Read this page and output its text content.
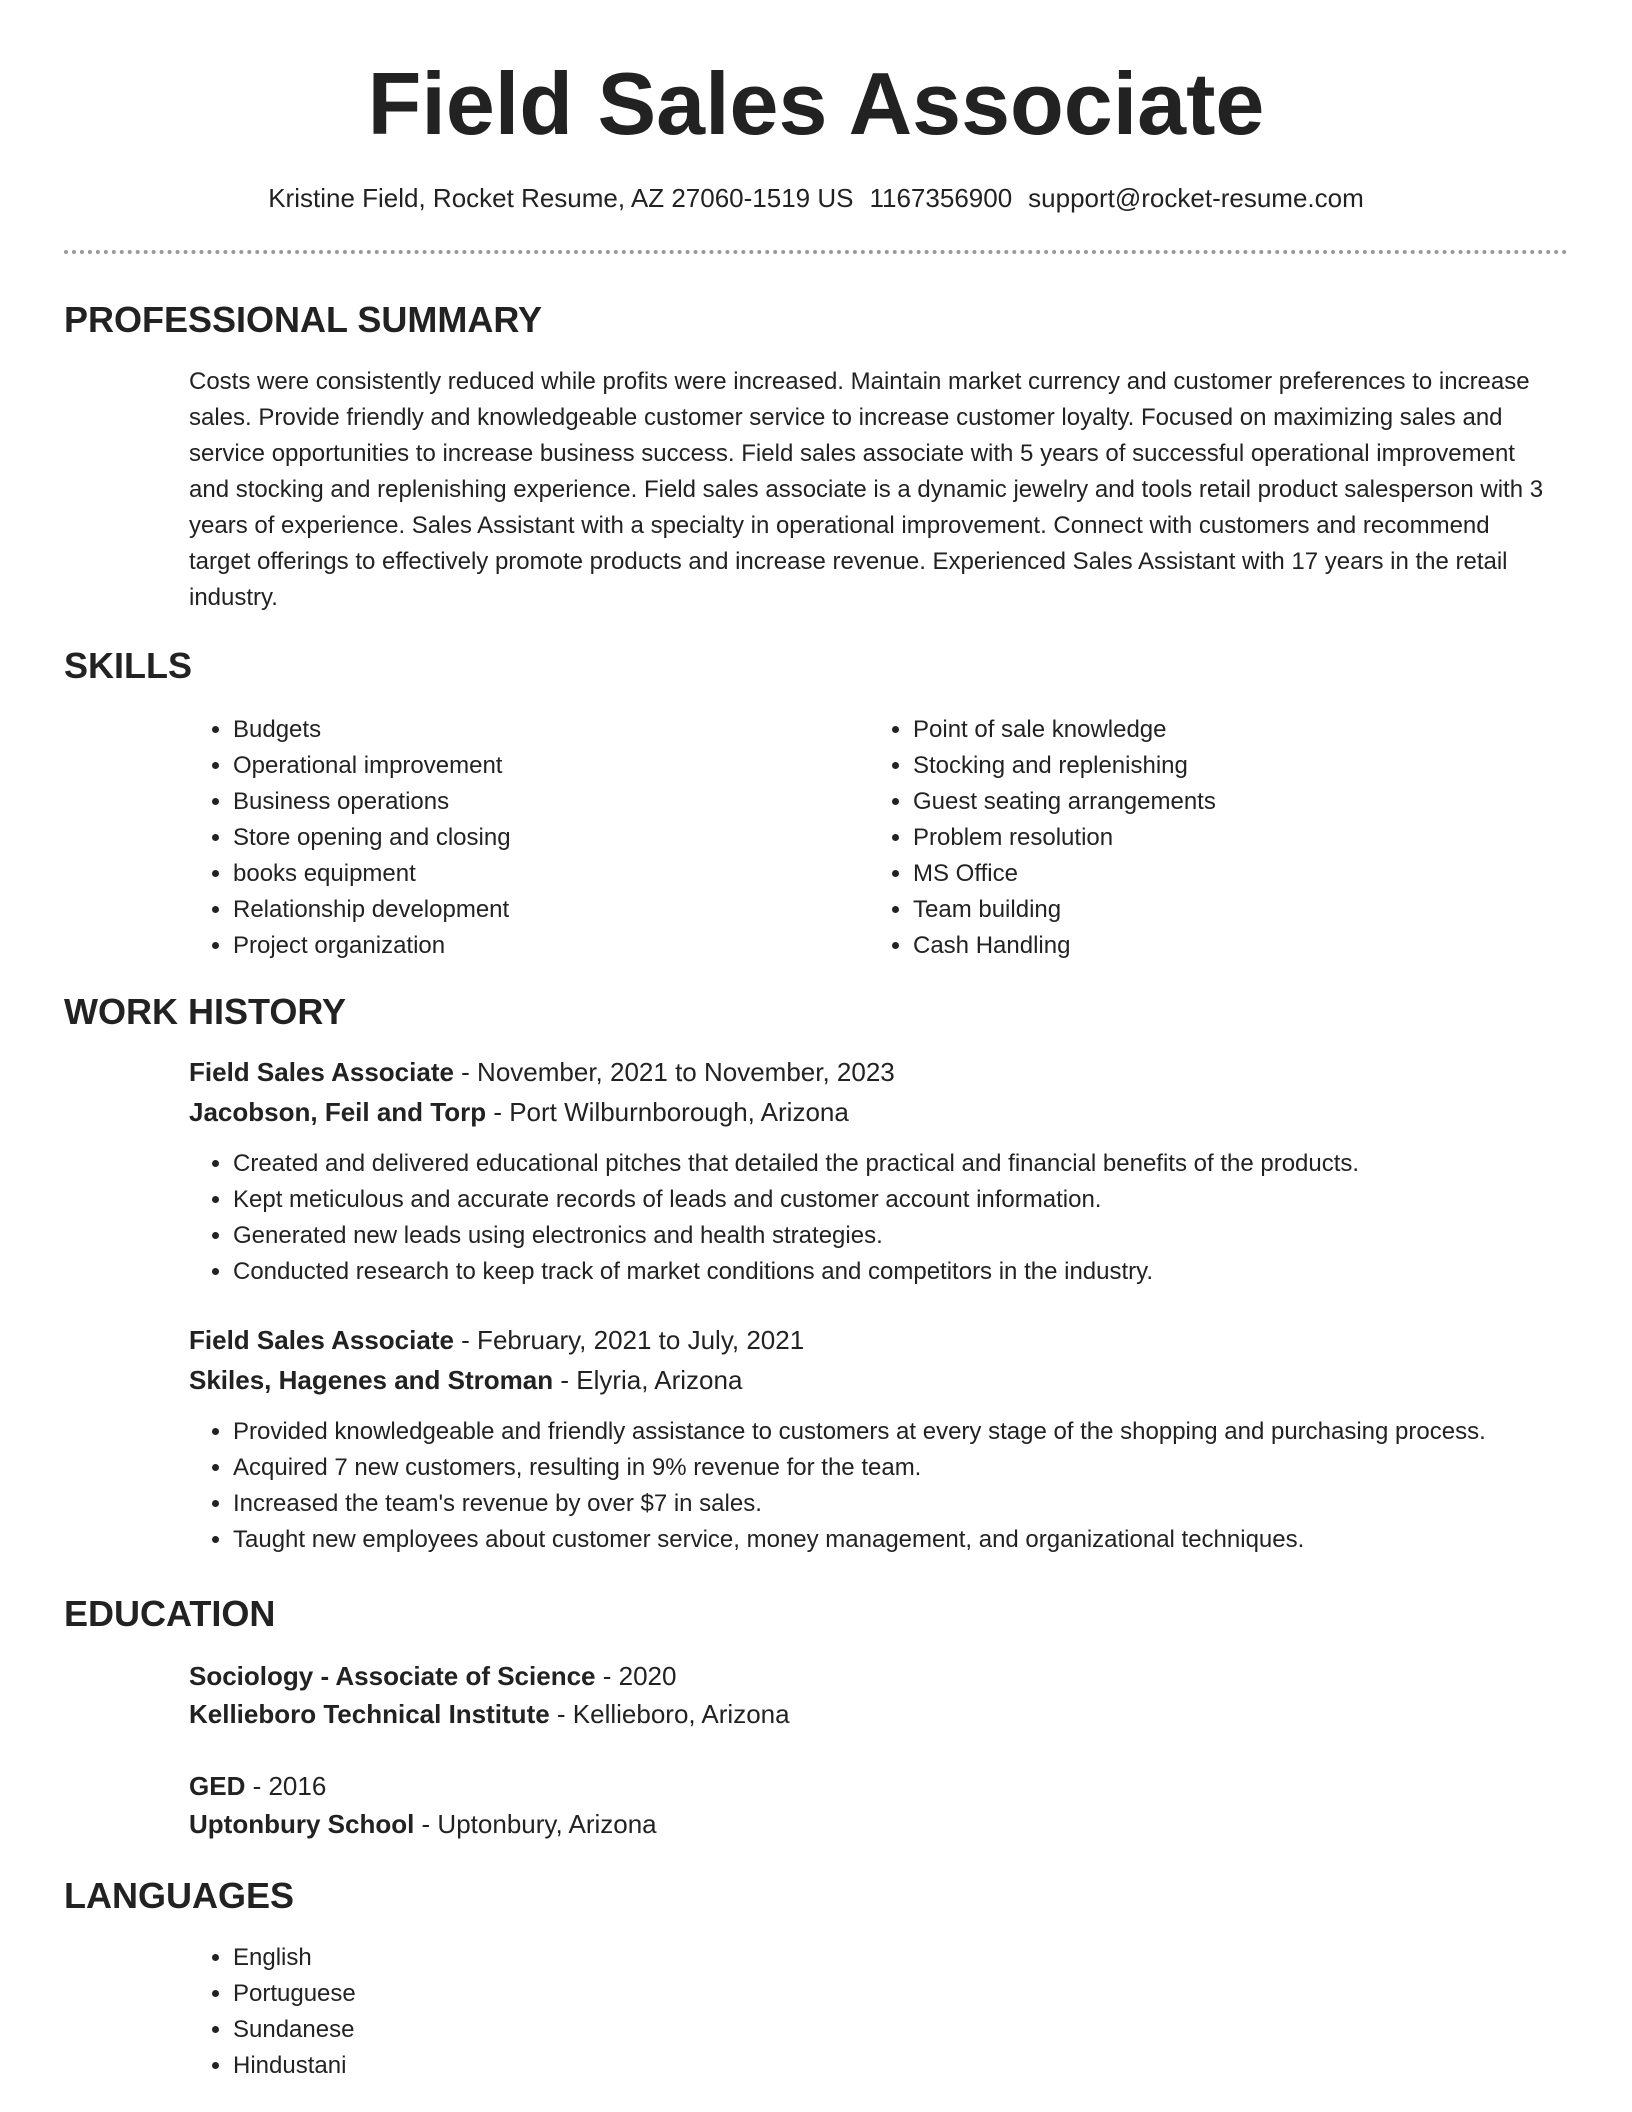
Field Sales Associate
Kristine Field, Rocket Resume, AZ 27060-1519 US 1167356900 support@rocket-resume.com
PROFESSIONAL SUMMARY
Costs were consistently reduced while profits were increased. Maintain market currency and customer preferences to increase sales. Provide friendly and knowledgeable customer service to increase customer loyalty. Focused on maximizing sales and service opportunities to increase business success. Field sales associate with 5 years of successful operational improvement and stocking and replenishing experience. Field sales associate is a dynamic jewelry and tools retail product salesperson with 3 years of experience. Sales Assistant with a specialty in operational improvement. Connect with customers and recommend target offerings to effectively promote products and increase revenue. Experienced Sales Assistant with 17 years in the retail industry.
SKILLS
• Budgets
• Operational improvement
• Business operations
• Store opening and closing
• books equipment
• Relationship development
• Project organization
• Point of sale knowledge
• Stocking and replenishing
• Guest seating arrangements
• Problem resolution
• MS Office
• Team building
• Cash Handling
WORK HISTORY
Field Sales Associate - November, 2021 to November, 2023
Jacobson, Feil and Torp - Port Wilburnborough, Arizona
• Created and delivered educational pitches that detailed the practical and financial benefits of the products.
• Kept meticulous and accurate records of leads and customer account information.
• Generated new leads using electronics and health strategies.
• Conducted research to keep track of market conditions and competitors in the industry.
Field Sales Associate - February, 2021 to July, 2021
Skiles, Hagenes and Stroman - Elyria, Arizona
• Provided knowledgeable and friendly assistance to customers at every stage of the shopping and purchasing process.
• Acquired 7 new customers, resulting in 9% revenue for the team.
• Increased the team's revenue by over $7 in sales.
• Taught new employees about customer service, money management, and organizational techniques.
EDUCATION
Sociology - Associate of Science - 2020
Kellieboro Technical Institute - Kellieboro, Arizona
GED - 2016
Uptonbury School - Uptonbury, Arizona
LANGUAGES
• English
• Portuguese
• Sundanese
• Hindustani
